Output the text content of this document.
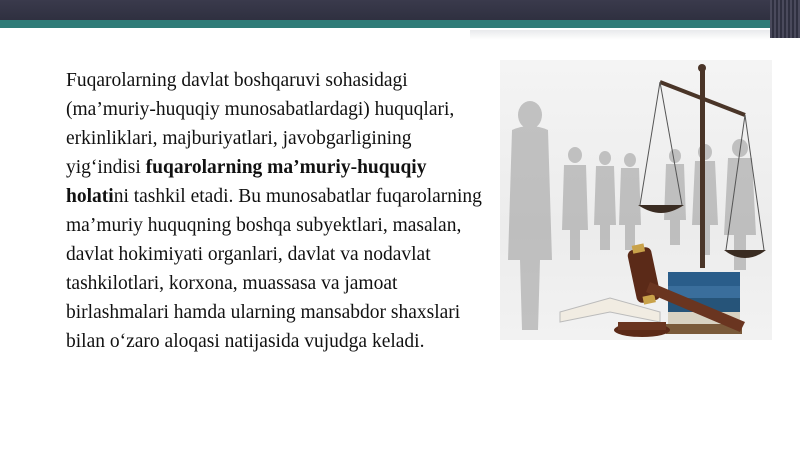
Fuqarolarning davlat boshqaruvi sohasidagi (ma’muriy-huquqiy munosabatlardagi) huquqlari, erkinliklari, majburiyatlari, javobgarligining yig‘indisi fuqarolarning ma’muriy-huquqiy holatini tashkil etadi. Bu munosabatlar fuqarolarning ma’muriy huquqning boshqa subyektlari, masalan, davlat hokimiyati organlari, davlat va nodavlat tashkilotlari, korxona, muassasa va jamoat birlashmalari hamda ularning mansabdor shaxslari bilan o‘zaro aloqasi natijasida vujudga keladi.
